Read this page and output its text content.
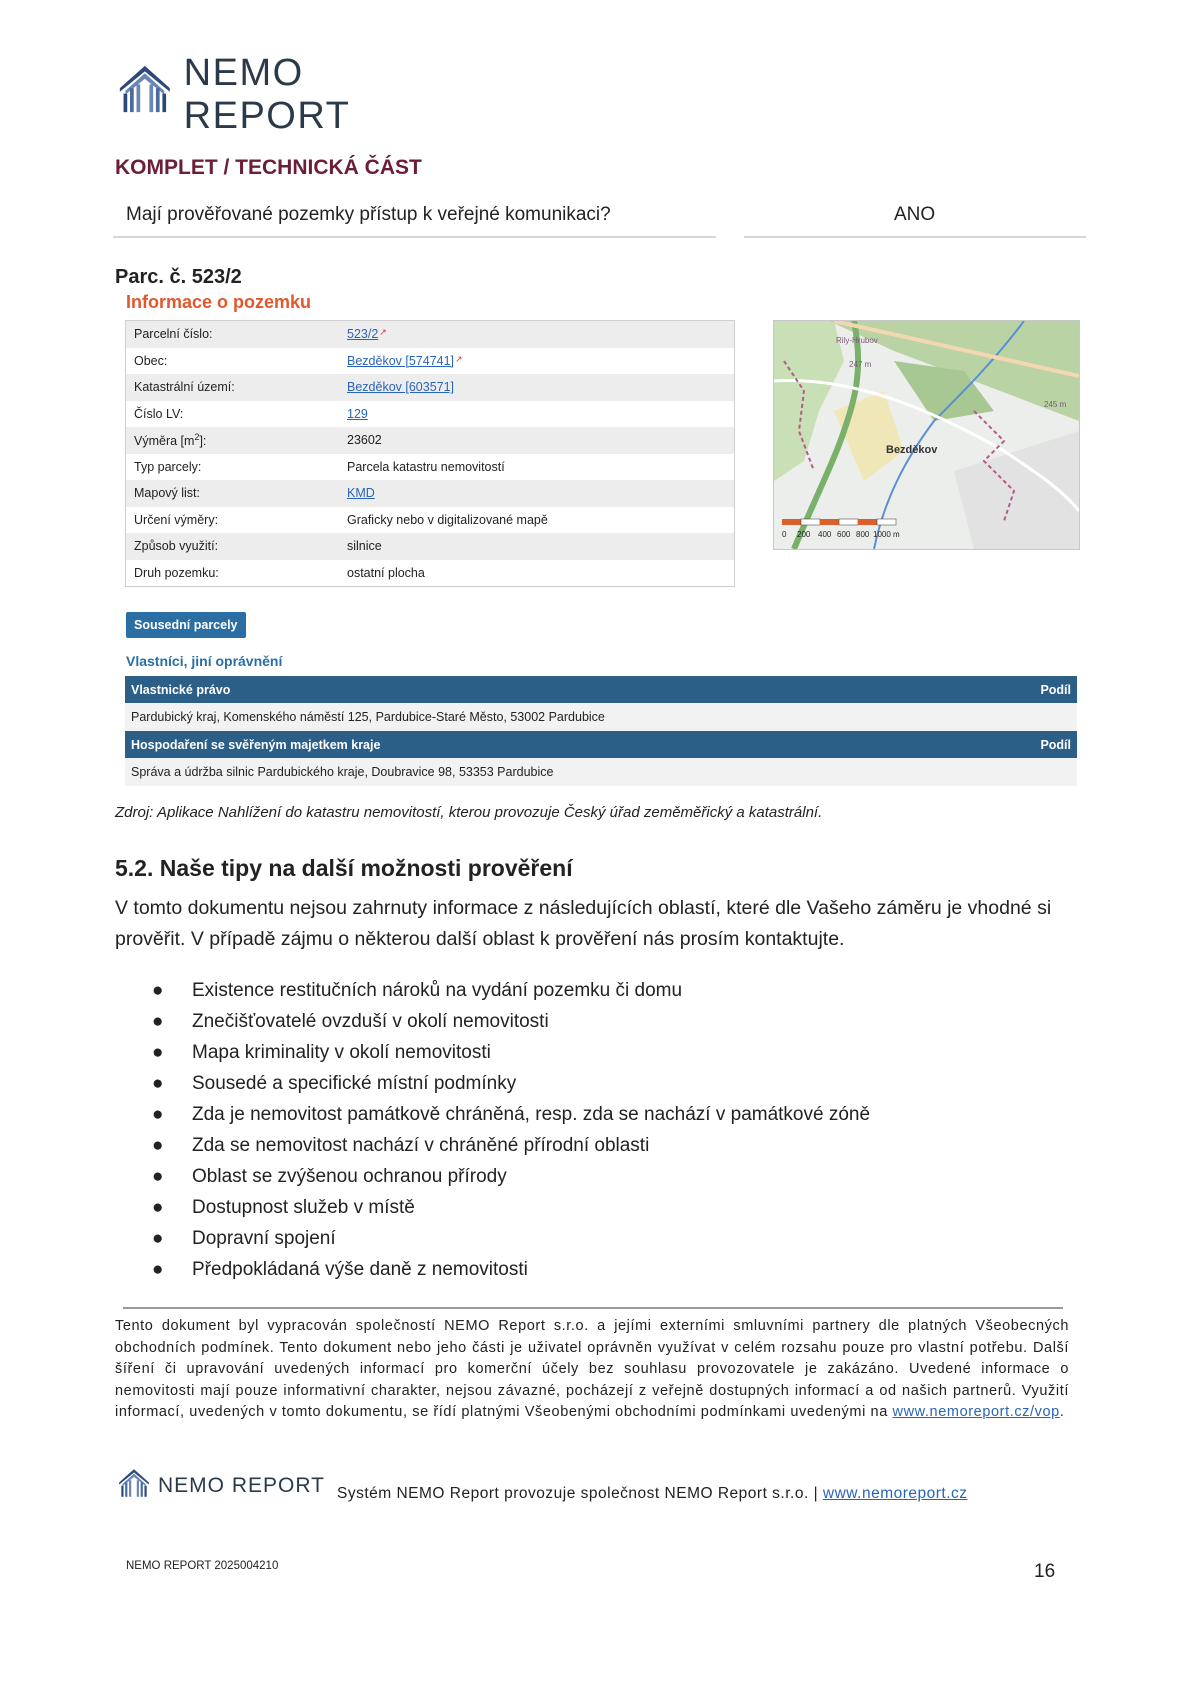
NEMO REPORT
KOMPLET / TECHNICKÁ ČÁST
Mají prověřované pozemky přístup k veřejné komunikaci?	ANO
Parc. č. 523/2
Informace o pozemku
Parcelní číslo:	523/2↗
Obec:	Bezděkov [574741]↗
Katastrální území:	Bezděkov [603571]
Číslo LV:	129
Výměra $[m^2]$:	23602
Typ parcely:	Parcela katastru nemovitostí
Mapový list:	KMD
Určení výměry:	Graficky nebo v digitalizované mapě
Způsob využití:	silnice
Druh pozemku:	ostatní plocha
Bezděkov
Rily-Hrubov
247 m
245 m
0 200 400 600 800 1000 m
Sousední parcely
Vlastníci, jiní oprávnění
Vlastnické právo	Podíl
Pardubický kraj, Komenského náměstí 125, Pardubice-Staré Město, 53002 Pardubice
Hospodaření se svěřeným majetkem kraje	Podíl
Správa a údržba silnic Pardubického kraje, Doubravice 98, 53353 Pardubice
Zdroj: Aplikace Nahlížení do katastru nemovitostí, kterou provozuje Český úřad zeměměřický a katastrální.
5.2. Naše tipy na další možnosti prověření
V tomto dokumentu nejsou zahrnuty informace z následujících oblastí, které dle Vašeho záměru je vhodné si prověřit. V případě zájmu o některou další oblast k prověření nás prosím kontaktujte.
● Existence restitučních nároků na vydání pozemku či domu
● Znečišťovatelé ovzduší v okolí nemovitosti
● Mapa kriminality v okolí nemovitosti
● Sousedé a specifické místní podmínky
● Zda je nemovitost památkově chráněná, resp. zda se nachází v památkové zóně
● Zda se nemovitost nachází v chráněné přírodní oblasti
● Oblast se zvýšenou ochranou přírody
● Dostupnost služeb v místě
● Dopravní spojení
● Předpokládaná výše daně z nemovitosti
Tento dokument byl vypracován společností NEMO Report s.r.o. a jejími externími smluvními partnery dle platných Všeobecných obchodních podmínek. Tento dokument nebo jeho části je uživatel oprávněn využívat v celém rozsahu pouze pro vlastní potřebu. Další šíření či upravování uvedených informací pro komerční účely bez souhlasu provozovatele je zakázáno. Uvedené informace o nemovitosti mají pouze informativní charakter, nejsou závazné, pocházejí z veřejně dostupných informací a od našich partnerů. Využití informací, uvedených v tomto dokumentu, se řídí platnými Všeobenými obchodními podmínkami uvedenými na www.nemoreport.cz/vop.
NEMO REPORT Systém NEMO Report provozuje společnost NEMO Report s.r.o. | www.nemoreport.cz
NEMO REPORT 2025004210	16
